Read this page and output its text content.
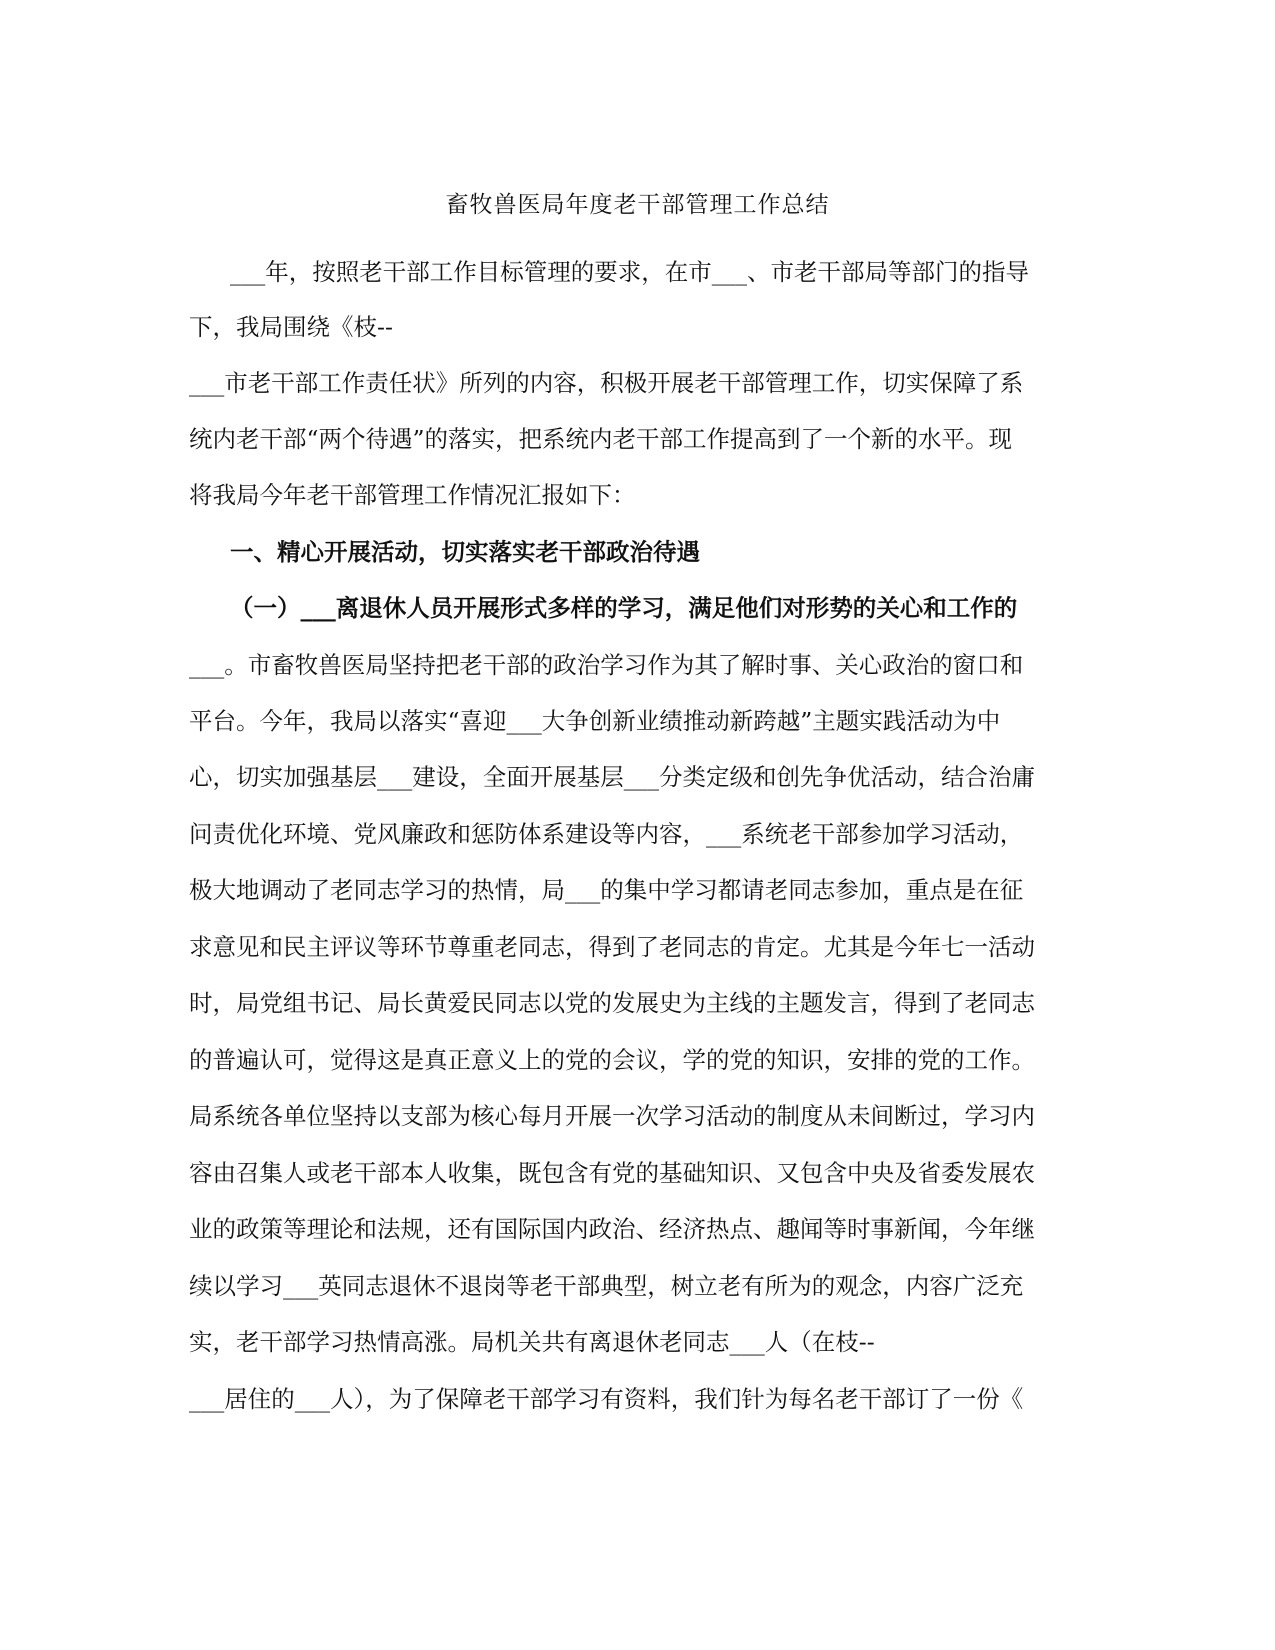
畜牧兽医局年度老干部管理工作总结
___年，按照老干部工作目标管理的要求，在市___、市老干部局等部门的指导
下，我局围绕《枝--
___市老干部工作责任状》所列的内容，积极开展老干部管理工作，切实保障了系
统内老干部“两个待遇”的落实，把系统内老干部工作提高到了一个新的水平。现
将我局今年老干部管理工作情况汇报如下：
一、精心开展活动，切实落实老干部政治待遇
（一）___离退休人员开展形式多样的学习，满足他们对形势的关心和工作的
___。市畜牧兽医局坚持把老干部的政治学习作为其了解时事、关心政治的窗口和
平台。今年，我局以落实“喜迎___大争创新业绩推动新跨越”主题实践活动为中
心，切实加强基层___建设，全面开展基层___分类定级和创先争优活动，结合治庸
问责优化环境、党风廉政和惩防体系建设等内容，___系统老干部参加学习活动，
极大地调动了老同志学习的热情，局___的集中学习都请老同志参加，重点是在征
求意见和民主评议等环节尊重老同志，得到了老同志的肯定。尤其是今年七一活动
时，局党组书记、局长黄爱民同志以党的发展史为主线的主题发言，得到了老同志
的普遍认可，觉得这是真正意义上的党的会议，学的党的知识，安排的党的工作。
局系统各单位坚持以支部为核心每月开展一次学习活动的制度从未间断过，学习内
容由召集人或老干部本人收集，既包含有党的基础知识、又包含中央及省委发展农
业的政策等理论和法规，还有国际国内政治、经济热点、趣闻等时事新闻，今年继
续以学习___英同志退休不退岗等老干部典型，树立老有所为的观念，内容广泛充
实，老干部学习热情高涨。局机关共有离退休老同志___人（在枝--
___居住的___人），为了保障老干部学习有资料，我们针为每名老干部订了一份《
